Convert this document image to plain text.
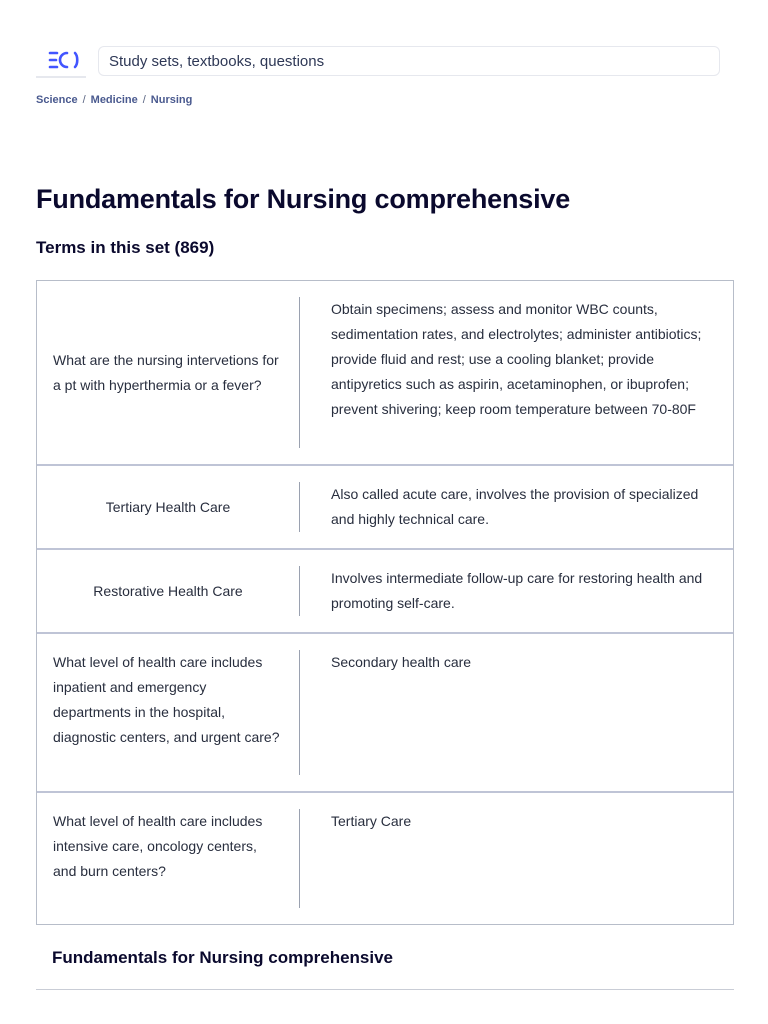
Study sets, textbooks, questions
Science / Medicine / Nursing
Fundamentals for Nursing comprehensive
Terms in this set (869)
What are the nursing intervetions for a pt with hyperthermia or a fever?
Obtain specimens; assess and monitor WBC counts, sedimentation rates, and electrolytes; administer antibiotics; provide fluid and rest; use a cooling blanket; provide antipyretics such as aspirin, acetaminophen, or ibuprofen; prevent shivering; keep room temperature between 70-80F
Tertiary Health Care
Also called acute care, involves the provision of specialized and highly technical care.
Restorative Health Care
Involves intermediate follow-up care for restoring health and promoting self-care.
What level of health care includes inpatient and emergency departments in the hospital, diagnostic centers, and urgent care?
Secondary health care
What level of health care includes intensive care, oncology centers, and burn centers?
Tertiary Care
Fundamentals for Nursing comprehensive
